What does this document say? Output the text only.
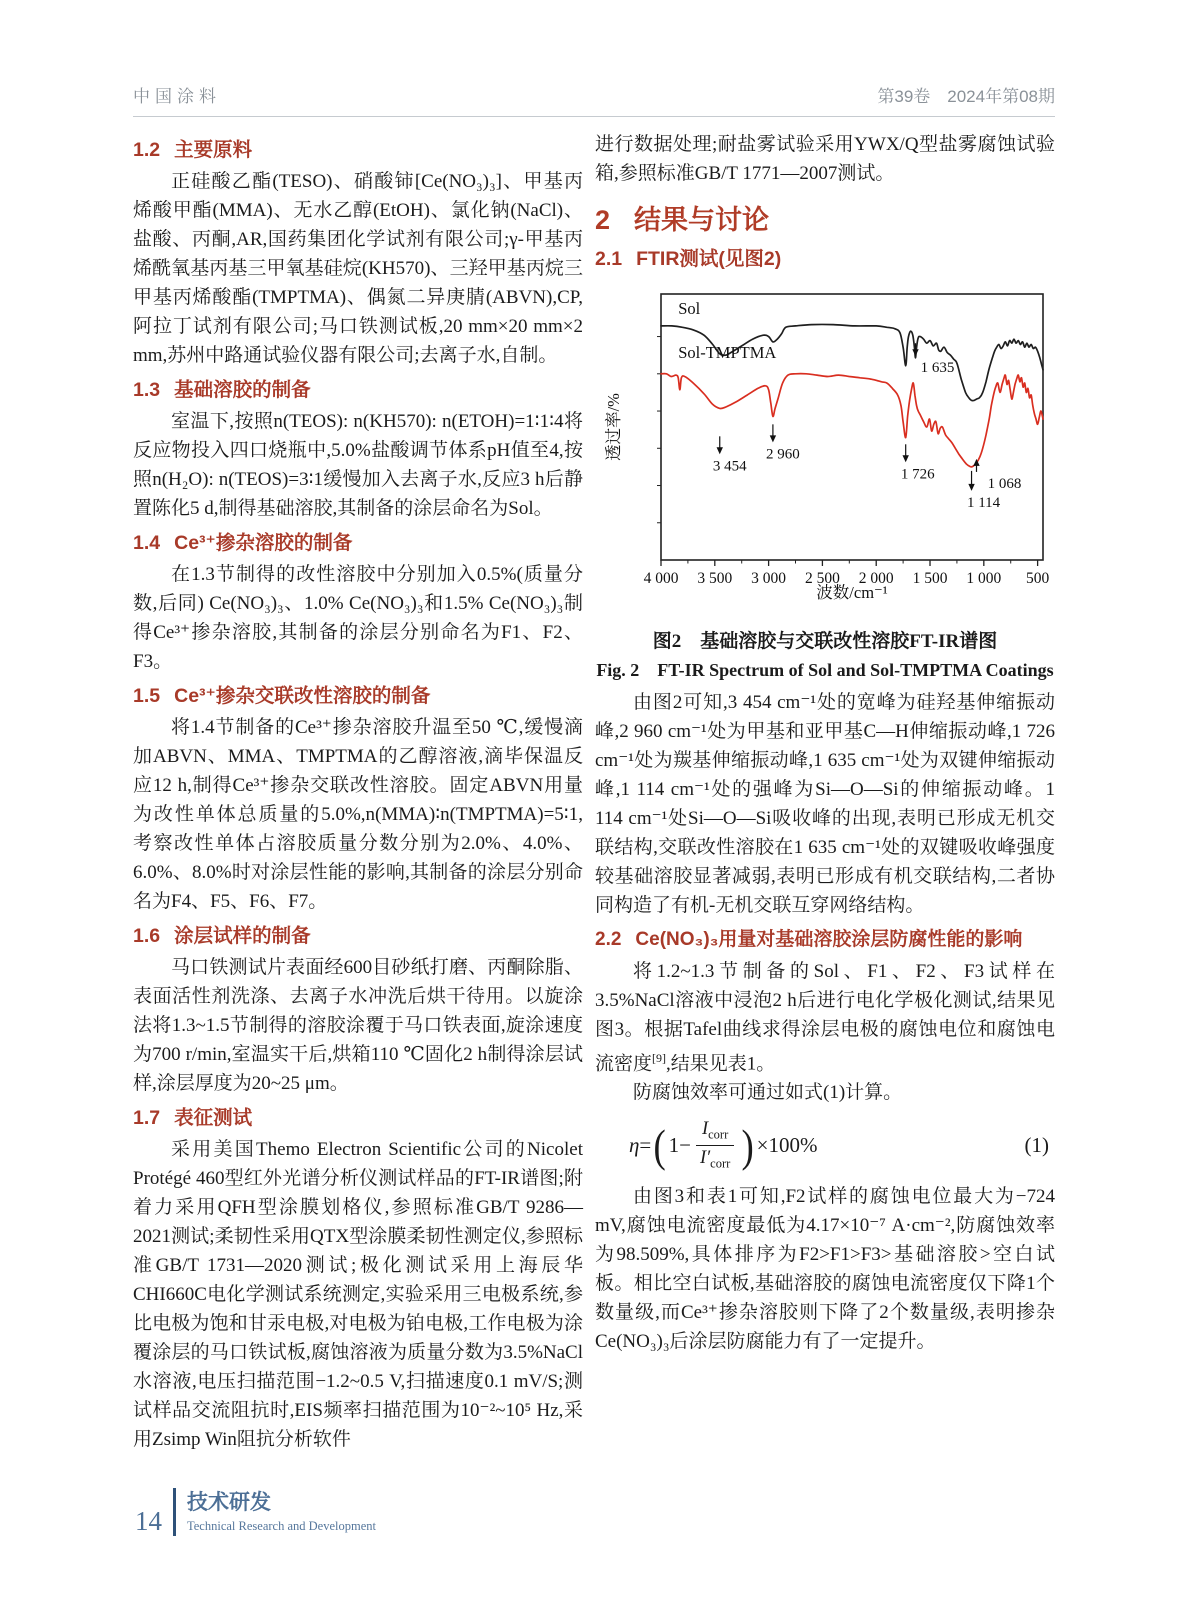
中国涂料	第39卷　2024年第08期
1.2 主要原料

正硅酸乙酯(TESO)、硝酸铈[Ce(NO₃)₃]、甲基丙烯酸甲酯(MMA)、无水乙醇(EtOH)、氯化钠(NaCl)、盐酸、丙酮,AR,国药集团化学试剂有限公司;γ-甲基丙烯酰氧基丙基三甲氧基硅烷(KH570)、三羟甲基丙烷三甲基丙烯酸酯(TMPTMA)、偶氮二异庚腈(ABVN),CP,阿拉丁试剂有限公司;马口铁测试板,20 mm×20 mm×2 mm,苏州中路通试验仪器有限公司;去离子水,自制。

1.3 基础溶胶的制备

室温下,按照n(TEOS): n(KH570): n(ETOH)=1∶1∶4将反应物投入四口烧瓶中,5.0%盐酸调节体系pH值至4,按照n(H₂O): n(TEOS)=3∶1缓慢加入去离子水,反应3 h后静置陈化5 d,制得基础溶胶,其制备的涂层命名为Sol。

1.4 Ce³⁺掺杂溶胶的制备

在1.3节制得的改性溶胶中分别加入0.5%(质量分数,后同) Ce(NO₃)₃、1.0% Ce(NO₃)₃和1.5% Ce(NO₃)₃制得Ce³⁺掺杂溶胶,其制备的涂层分别命名为F1、F2、F3。

1.5 Ce³⁺掺杂交联改性溶胶的制备

将1.4节制备的Ce³⁺掺杂溶胶升温至50 ℃,缓慢滴加ABVN、MMA、TMPTMA的乙醇溶液,滴毕保温反应12 h,制得Ce³⁺掺杂交联改性溶胶。固定ABVN用量为改性单体总质量的5.0%,n(MMA)∶n(TMPTMA)=5∶1,考察改性单体占溶胶质量分数分别为2.0%、4.0%、6.0%、8.0%时对涂层性能的影响,其制备的涂层分别命名为F4、F5、F6、F7。

1.6 涂层试样的制备

马口铁测试片表面经600目砂纸打磨、丙酮除脂、表面活性剂洗涤、去离子水冲洗后烘干待用。以旋涂法将1.3~1.5节制得的溶胶涂覆于马口铁表面,旋涂速度为700 r/min,室温实干后,烘箱110 ℃固化2 h制得涂层试样,涂层厚度为20~25 μm。

1.7 表征测试

采用美国Themo Electron Scientific公司的Nicolet Protégé 460型红外光谱分析仪测试样品的FT-IR谱图;附着力采用QFH型涂膜划格仪,参照标准GB/T 9286—2021测试;柔韧性采用QTX型涂膜柔韧性测定仪,参照标准GB/T 1731—2020测试;极化测试采用上海辰华CHI660C电化学测试系统测定,实验采用三电极系统,参比电极为饱和甘汞电极,对电极为铂电极,工作电极为涂覆涂层的马口铁试板,腐蚀溶液为质量分数为3.5%NaCl水溶液,电压扫描范围−1.2~0.5 V,扫描速度0.1 mV/S;测试样品交流阻抗时,EIS频率扫描范围为10⁻²~10⁵ Hz,采用Zsimp Win阻抗分析软件

进行数据处理;耐盐雾试验采用YWX/Q型盐雾腐蚀试验箱,参照标准GB/T 1771—2007测试。

2 结果与讨论
2.1 FTIR测试(见图2)
4 000 3 500 3 000 2 500 2 000 1 500 1 000 500
波数/cm⁻¹
透过率/%
Sol
Sol-TMPTMA
3 454
2 960
1 726
1 635
1 114
1 068
图2　基础溶胶与交联改性溶胶FT-IR谱图
Fig. 2　FT-IR Spectrum of Sol and Sol-TMPTMA Coatings

由图2可知,3 454 cm⁻¹处的宽峰为硅羟基伸缩振动峰,2 960 cm⁻¹处为甲基和亚甲基C—H伸缩振动峰,1 726 cm⁻¹处为羰基伸缩振动峰,1 635 cm⁻¹处为双键伸缩振动峰,1 114 cm⁻¹处的强峰为Si—O—Si的伸缩振动峰。1 114 cm⁻¹处Si—O—Si吸收峰的出现,表明已形成无机交联结构,交联改性溶胶在1 635 cm⁻¹处的双键吸收峰强度较基础溶胶显著减弱,表明已形成有机交联结构,二者协同构造了有机-无机交联互穿网络结构。

2.2 Ce(NO₃)₃用量对基础溶胶涂层防腐性能的影响

将1.2~1.3节制备的Sol、F1、F2、F3试样在3.5%NaCl溶液中浸泡2 h后进行电化学极化测试,结果见图3。根据Tafel曲线求得涂层电极的腐蚀电位和腐蚀电流密度[9],结果见表1。

防腐蚀效率可通过如式(1)计算。

η = ( $1- \frac{I_{corr}}{I'_{corr}}$ ) ×100%	(1)

由图3和表1可知,F2试样的腐蚀电位最大为−724 mV,腐蚀电流密度最低为4.17×10⁻⁷ A·cm⁻²,防腐蚀效率为98.509%,具体排序为F2>F1>F3>基础溶胶>空白试板。相比空白试板,基础溶胶的腐蚀电流密度仅下降1个数量级,而Ce³⁺掺杂溶胶则下降了2个数量级,表明掺杂Ce(NO₃)₃后涂层防腐能力有了一定提升。

14
技术研发
Technical Research and Development
